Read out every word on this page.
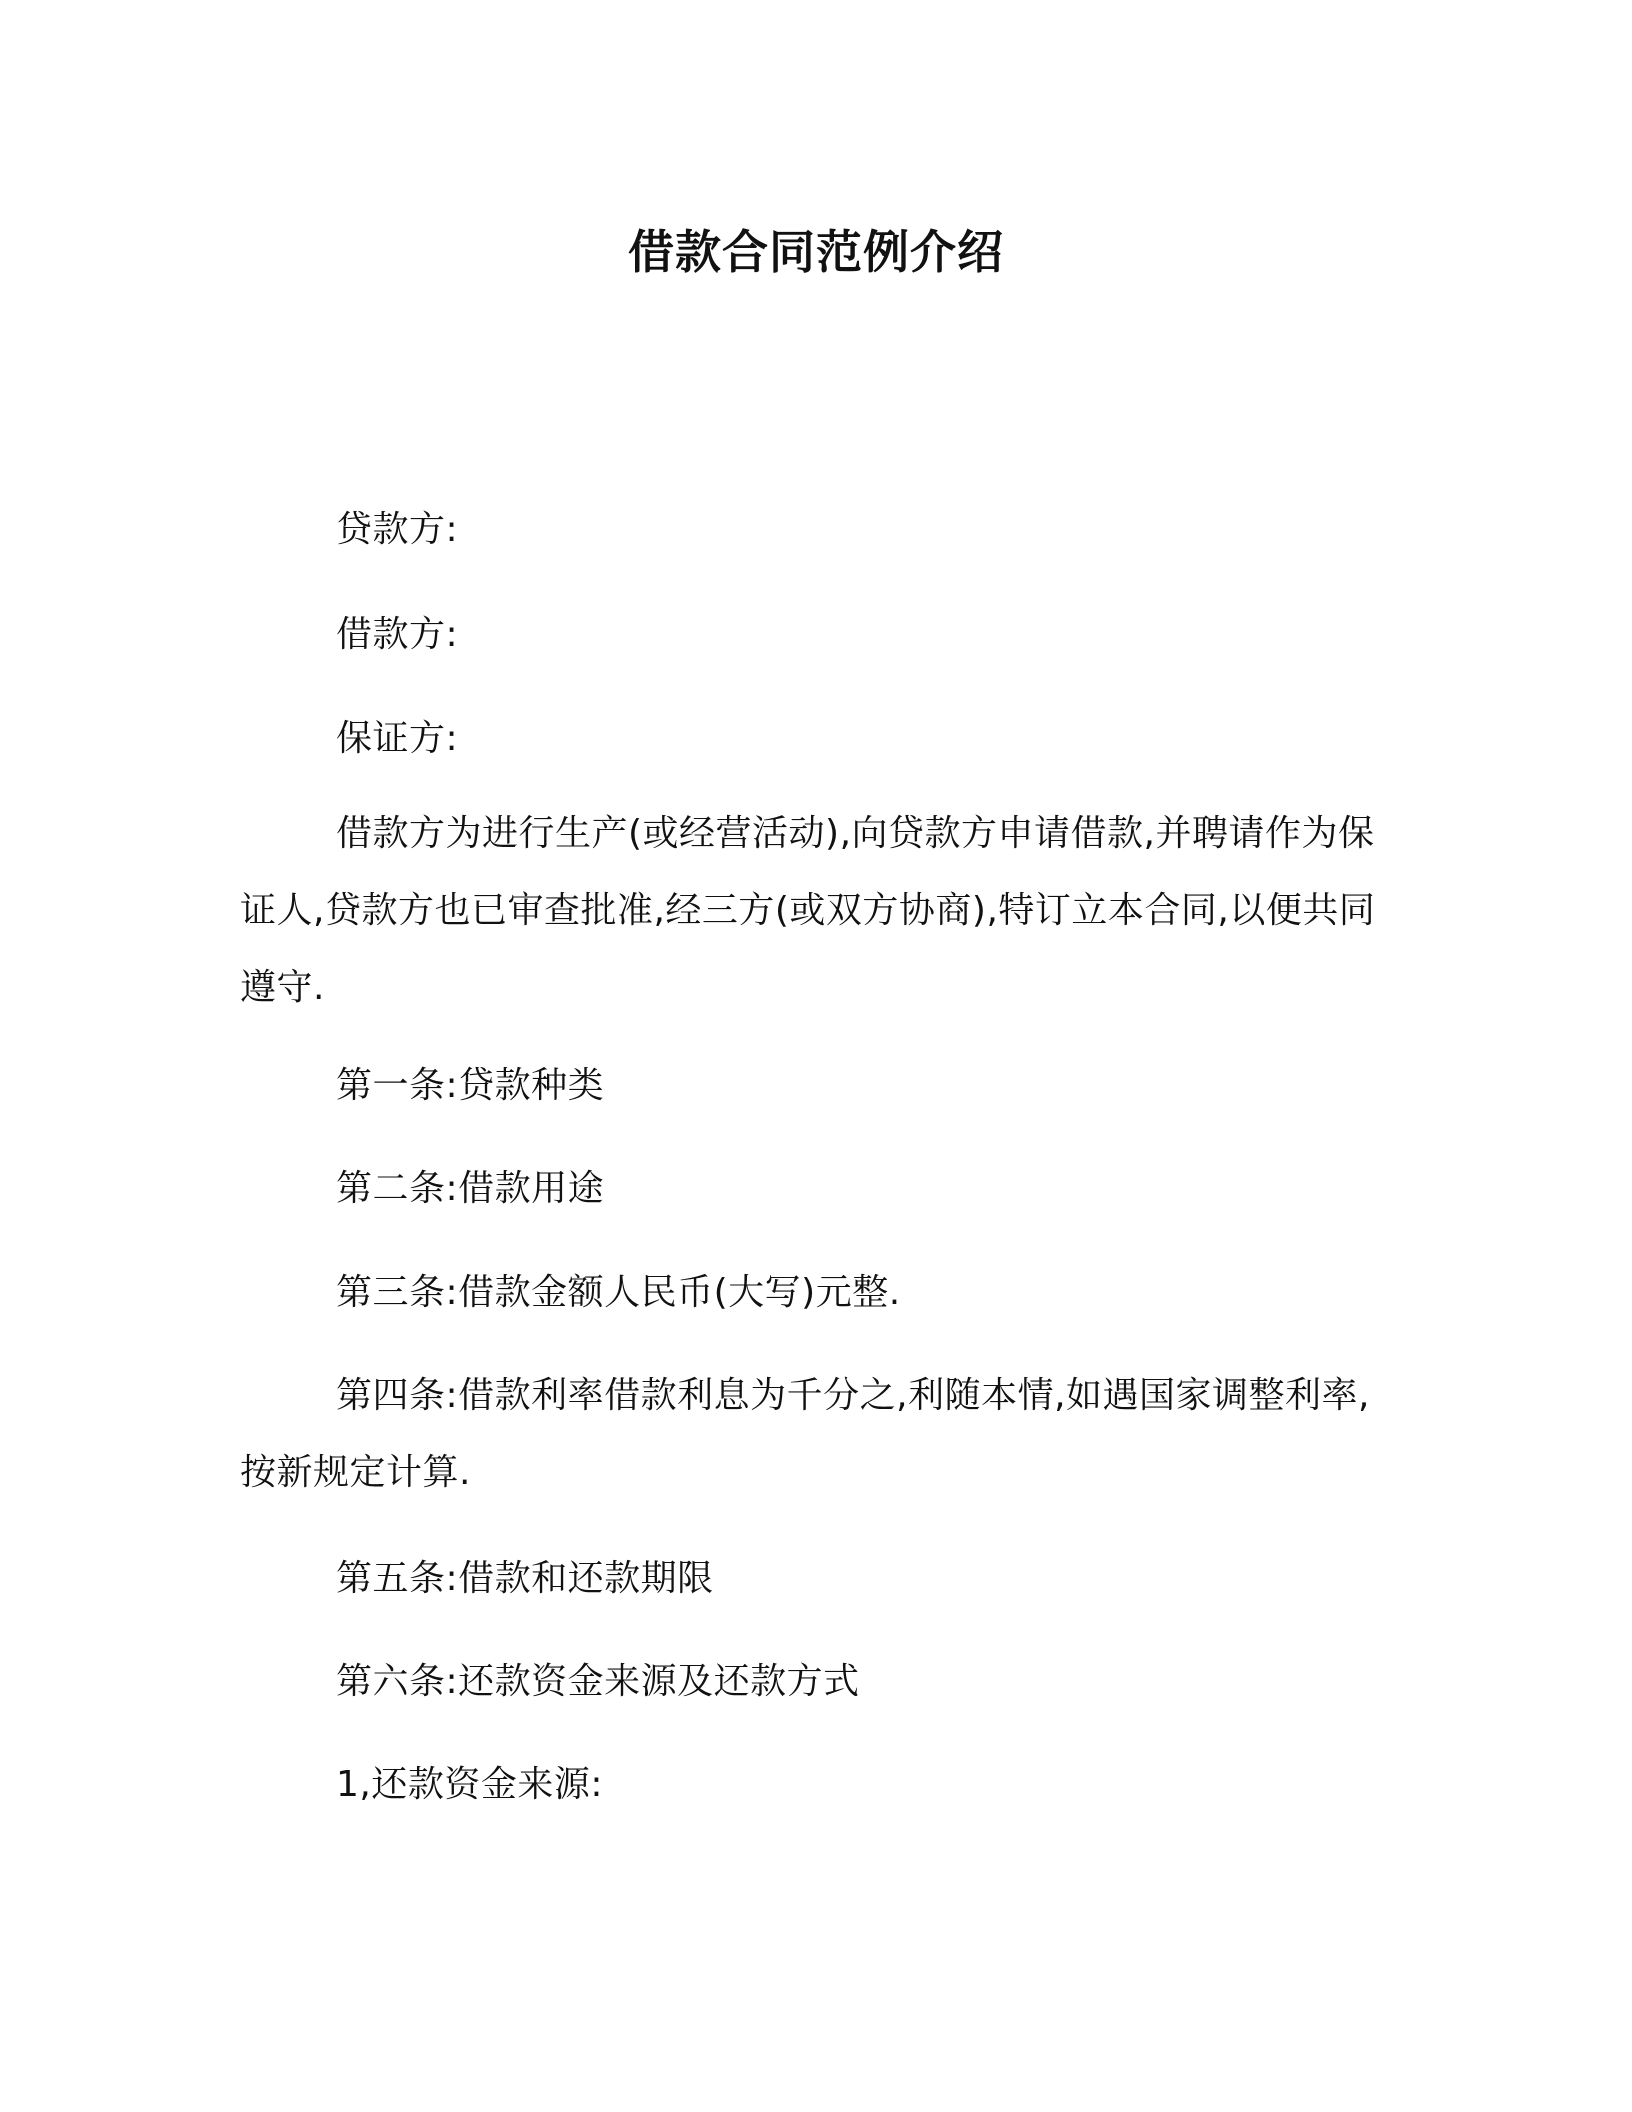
借款合同范例介绍

贷款方:

借款方:

保证方:

借款方为进行生产(或经营活动),向贷款方申请借款,并聘请作为保证人,贷款方也已审查批准,经三方(或双方协商),特订立本合同,以便共同遵守.

第一条:贷款种类

第二条:借款用途

第三条:借款金额人民币(大写)元整.

第四条:借款利率借款利息为千分之,利随本情,如遇国家调整利率,按新规定计算.

第五条:借款和还款期限

第六条:还款资金来源及还款方式

1,还款资金来源:
